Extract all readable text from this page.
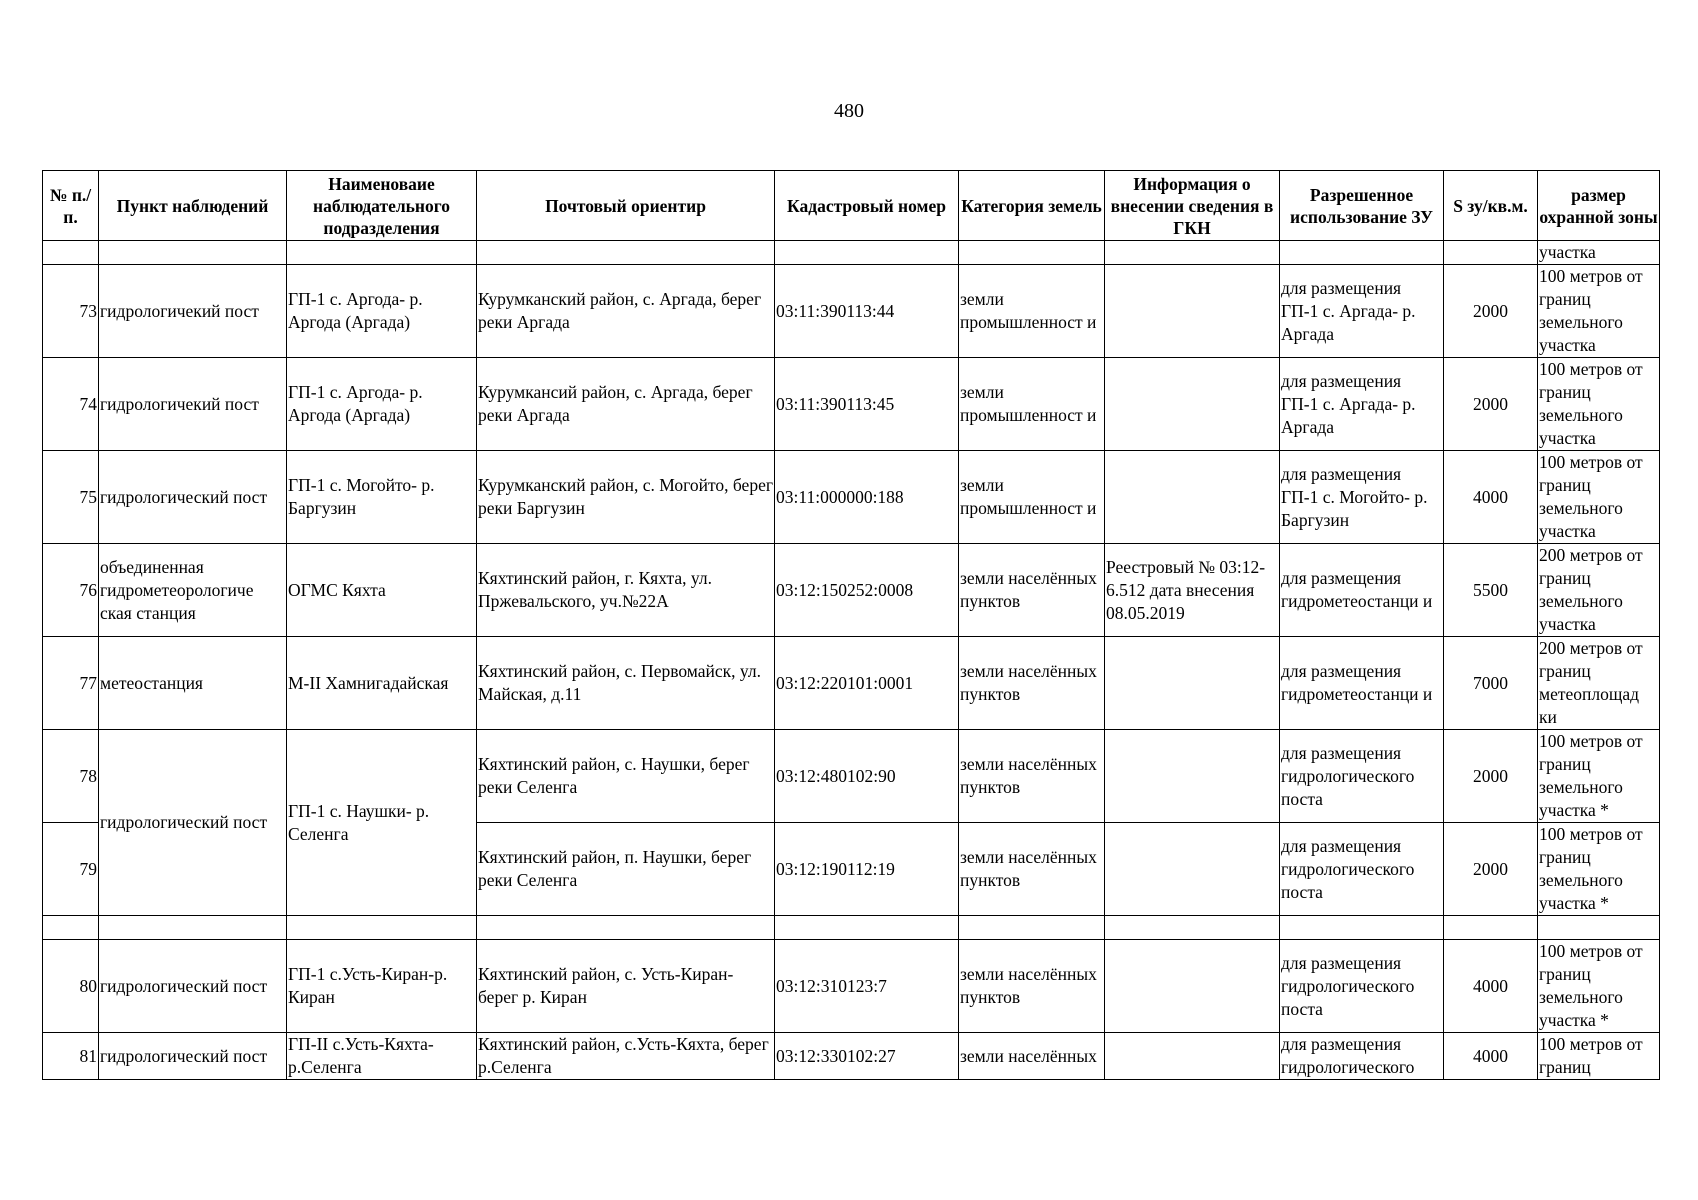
480
№ п./п.	Пункт наблюдений	Наименоваие наблюдательного подразделения	Почтовый ориентир	Кадастровый номер	Категория земель	Информация о внесении сведения в ГКН	Разрешенное использование ЗУ	S зу/кв.м.	размер охранной зоны
									участка
73	гидрологичекий пост	ГП-1 с. Аргода- р. Аргода (Аргада)	Курумканский район, с. Аргада, берег реки Аргада	03:11:390113:44	земли промышленност и		для размещения ГП-1 с. Аргада- р. Аргада	2000	100 метров от границ земельного участка
74	гидрологичекий пост	ГП-1 с. Аргода- р. Аргода (Аргада)	Курумкансий район, с. Аргада, берег реки Аргада	03:11:390113:45	земли промышленност и		для размещения ГП-1 с. Аргада- р. Аргада	2000	100 метров от границ земельного участка
75	гидрологический пост	ГП-1 с. Могойто- р. Баргузин	Курумканский район, с. Могойто, берег реки Баргузин	03:11:000000:188	земли промышленност и		для размещения ГП-1 с. Могойто- р. Баргузин	4000	100 метров от границ земельного участка
76	объединенная гидрометеорологиче ская станция	ОГМС Кяхта	Кяхтинский район, г. Кяхта, ул. Пржевальского, уч.№22А	03:12:150252:0008	земли населённых пунктов	Реестровый № 03:12-6.512 дата внесения 08.05.2019	для размещения гидрометеостанци и	5500	200 метров от границ земельного участка
77	метеостанция	М-II Хамнигадайская	Кяхтинский район, с. Первомайск, ул. Майская, д.11	03:12:220101:0001	земли населённых пунктов		для размещения гидрометеостанци и	7000	200 метров от границ метеоплощад ки
78	гидрологический пост	ГП-1 с. Наушки- р. Селенга	Кяхтинский район, с. Наушки, берег реки Селенга	03:12:480102:90	земли населённых пунктов		для размещения гидрологического поста	2000	100 метров от границ земельного участка *
79			Кяхтинский район, п. Наушки, берег реки Селенга	03:12:190112:19	земли населённых пунктов		для размещения гидрологического поста	2000	100 метров от границ земельного участка *

80	гидрологический пост	ГП-1 с.Усть-Киран-р. Киран	Кяхтинский район, с. Усть-Киран- берег р. Киран	03:12:310123:7	земли населённых пунктов		для размещения гидрологического поста	4000	100 метров от границ земельного участка *
81	гидрологический пост	ГП-II с.Усть-Кяхта- р.Селенга	Кяхтинский район, с.Усть-Кяхта, берег р.Селенга	03:12:330102:27	земли населённых		для размещения гидрологического	4000	100 метров от границ
